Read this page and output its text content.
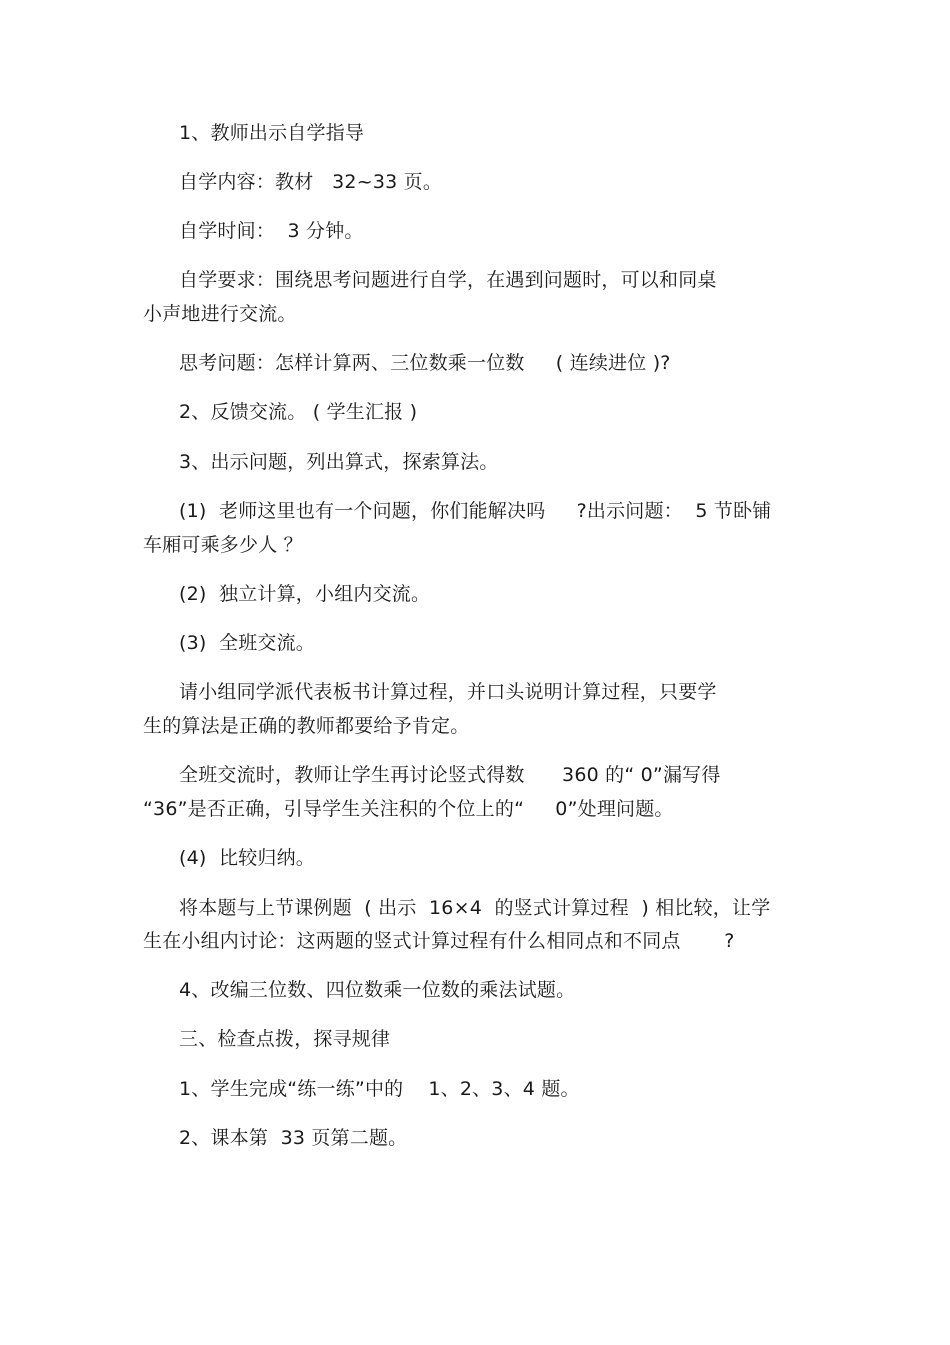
1、教师出示自学指导
自学内容：教材   32~33 页。
自学时间：  3 分钟。
自学要求：围绕思考问题进行自学，在遇到问题时，可以和同桌
小声地进行交流。
思考问题：怎样计算两、三位数乘一位数     ( 连续进位 )?
2、反馈交流。 ( 学生汇报 )
3、出示问题，列出算式，探索算法。
(1)  老师这里也有一个问题，你们能解决吗     ?出示问题：  5 节卧铺
车厢可乘多少人 ？
(2)  独立计算，小组内交流。
(3)  全班交流。
请小组同学派代表板书计算过程，并口头说明计算过程，只要学
生的算法是正确的教师都要给予肯定。
全班交流时，教师让学生再讨论竖式得数      360 的“ 0”漏写得
“36”是否正确，引导学生关注积的个位上的“     0”处理问题。
(4)  比较归纳。
将本题与上节课例题  ( 出示  16×4  的竖式计算过程  ) 相比较，让学
生在小组内讨论：这两题的竖式计算过程有什么相同点和不同点       ?
4、改编三位数、四位数乘一位数的乘法试题。
三、检查点拨，探寻规律
1、学生完成“练一练”中的    1、2、3、4 题。
2、课本第  33 页第二题。
